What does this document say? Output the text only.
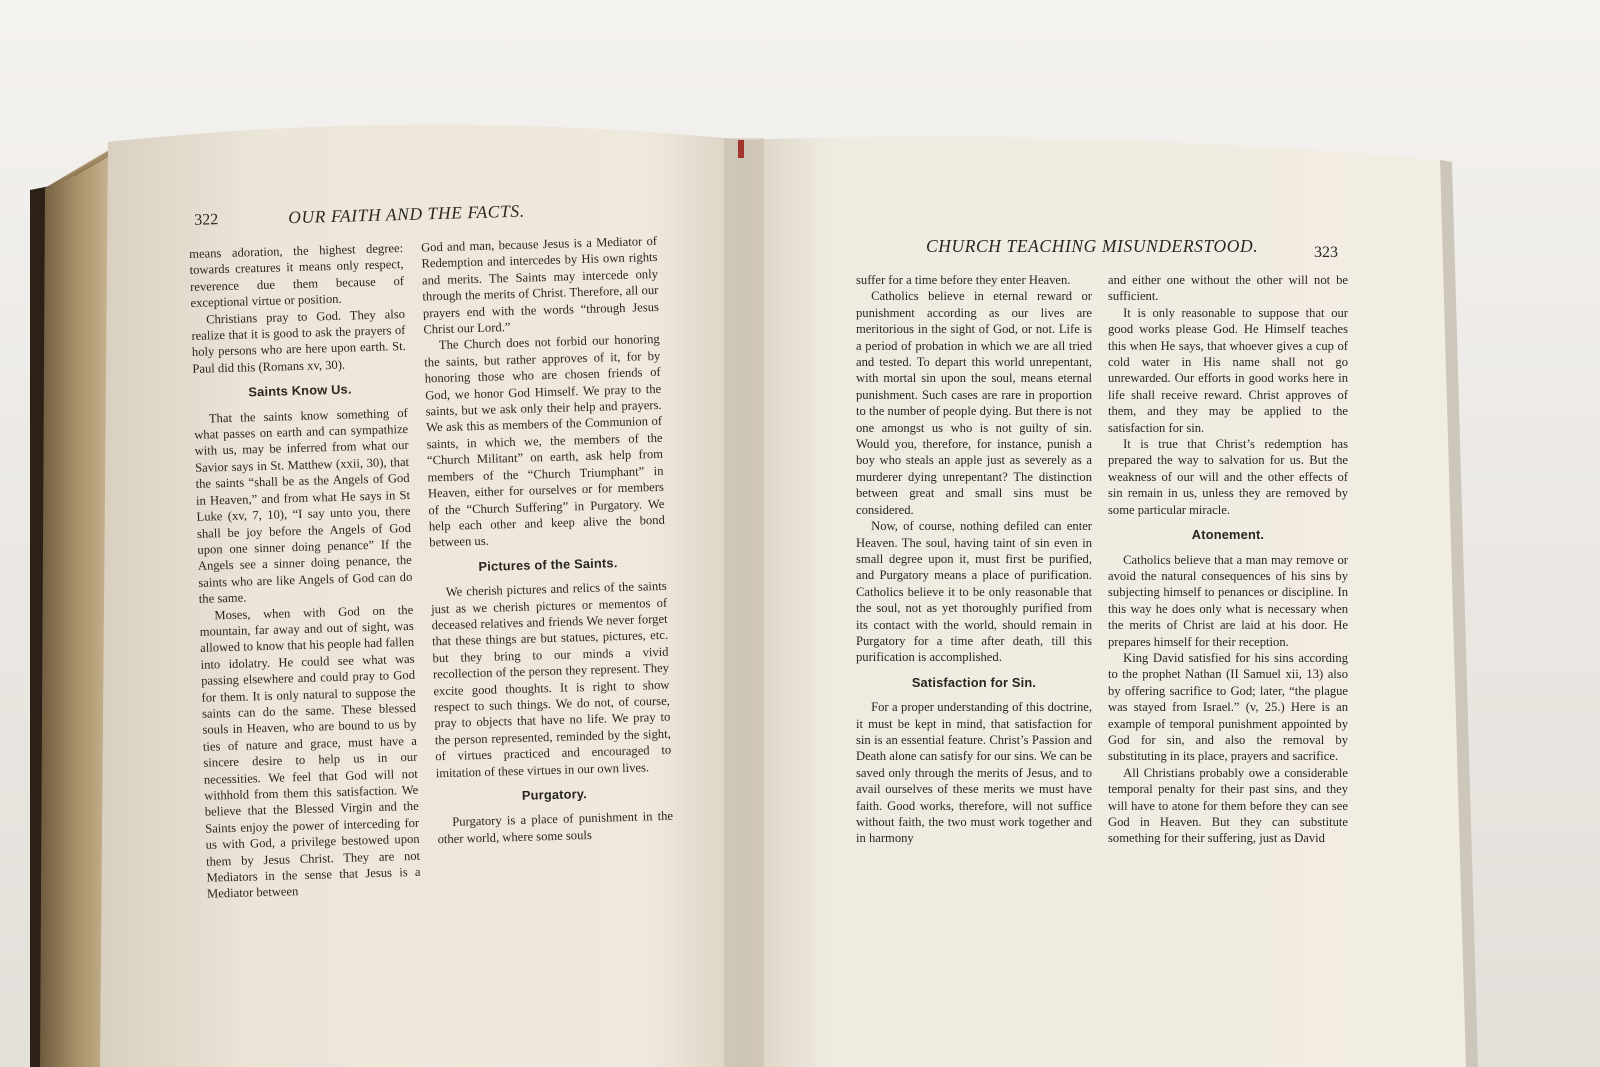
322	OUR FAITH AND THE FACTS.

means adoration, the highest degree: towards creatures it means only respect, reverence due them because of exceptional virtue or position.

Christians pray to God. They also realize that it is good to ask the prayers of holy persons who are here upon earth. St. Paul did this (Romans xv, 30).

Saints Know Us.

That the saints know something of what passes on earth and can sympathize with us, may be inferred from what our Savior says in St. Matthew (xxii, 30), that the saints “shall be as the Angels of God in Heaven,” and from what He says in St Luke (xv, 7, 10), “I say unto you, there shall be joy before the Angels of God upon one sinner doing penance” If the Angels see a sinner doing penance, the saints who are like Angels of God can do the same.

Moses, when with God on the mountain, far away and out of sight, was allowed to know that his people had fallen into idolatry. He could see what was passing elsewhere and could pray to God for them. It is only natural to suppose the saints can do the same. These blessed souls in Heaven, who are bound to us by ties of nature and grace, must have a sincere desire to help us in our necessities. We feel that God will not withhold from them this satisfaction. We believe that the Blessed Virgin and the Saints enjoy the power of interceding for us with God, a privilege bestowed upon them by Jesus Christ. They are not Mediators in the sense that Jesus is a Mediator between

God and man, because Jesus is a Mediator of Redemption and intercedes by His own rights and merits. The Saints may intercede only through the merits of Christ. Therefore, all our prayers end with the words “through Jesus Christ our Lord.”

The Church does not forbid our honoring the saints, but rather approves of it, for by honoring those who are chosen friends of God, we honor God Himself. We pray to the saints, but we ask only their help and prayers. We ask this as members of the Communion of saints, in which we, the members of the “Church Militant” on earth, ask help from members of the “Church Triumphant” in Heaven, either for ourselves or for members of the “Church Suffering” in Purgatory. We help each other and keep alive the bond between us.

Pictures of the Saints.

We cherish pictures and relics of the saints just as we cherish pictures or mementos of deceased relatives and friends We never forget that these things are but statues, pictures, etc. but they bring to our minds a vivid recollection of the person they represent. They excite good thoughts. It is right to show respect to such things. We do not, of course, pray to objects that have no life. We pray to the person represented, reminded by the sight, of virtues practiced and encouraged to imitation of these virtues in our own lives.

Purgatory.

Purgatory is a place of punishment in the other world, where some souls

CHURCH TEACHING MISUNDERSTOOD.	323

suffer for a time before they enter Heaven.

Catholics believe in eternal reward or punishment according as our lives are meritorious in the sight of God, or not. Life is a period of probation in which we are all tried and tested. To depart this world unrepentant, with mortal sin upon the soul, means eternal punishment. Such cases are rare in proportion to the number of people dying. But there is not one amongst us who is not guilty of sin. Would you, therefore, for instance, punish a boy who steals an apple just as severely as a murderer dying unrepentant? The distinction between great and small sins must be considered.

Now, of course, nothing defiled can enter Heaven. The soul, having taint of sin even in small degree upon it, must first be purified, and Purgatory means a place of purification. Catholics believe it to be only reasonable that the soul, not as yet thoroughly purified from its contact with the world, should remain in Purgatory for a time after death, till this purification is accomplished.

Satisfaction for Sin.

For a proper understanding of this doctrine, it must be kept in mind, that satisfaction for sin is an essential feature. Christ’s Passion and Death alone can satisfy for our sins. We can be saved only through the merits of Jesus, and to avail ourselves of these merits we must have faith. Good works, therefore, will not suffice without faith, the two must work together and in harmony

and either one without the other will not be sufficient.

It is only reasonable to suppose that our good works please God. He Himself teaches this when He says, that whoever gives a cup of cold water in His name shall not go unrewarded. Our efforts in good works here in life shall receive reward. Christ approves of them, and they may be applied to the satisfaction for sin.

It is true that Christ’s redemption has prepared the way to salvation for us. But the weakness of our will and the other effects of sin remain in us, unless they are removed by some particular miracle.

Atonement.

Catholics believe that a man may remove or avoid the natural consequences of his sins by subjecting himself to penances or discipline. In this way he does only what is necessary when the merits of Christ are laid at his door. He prepares himself for their reception.

King David satisfied for his sins according to the prophet Nathan (II Samuel xii, 13) also by offering sacrifice to God; later, “the plague was stayed from Israel.” (v, 25.) Here is an example of temporal punishment appointed by God for sin, and also the removal by substituting in its place, prayers and sacrifice.

All Christians probably owe a considerable temporal penalty for their past sins, and they will have to atone for them before they can see God in Heaven. But they can substitute something for their suffering, just as David
